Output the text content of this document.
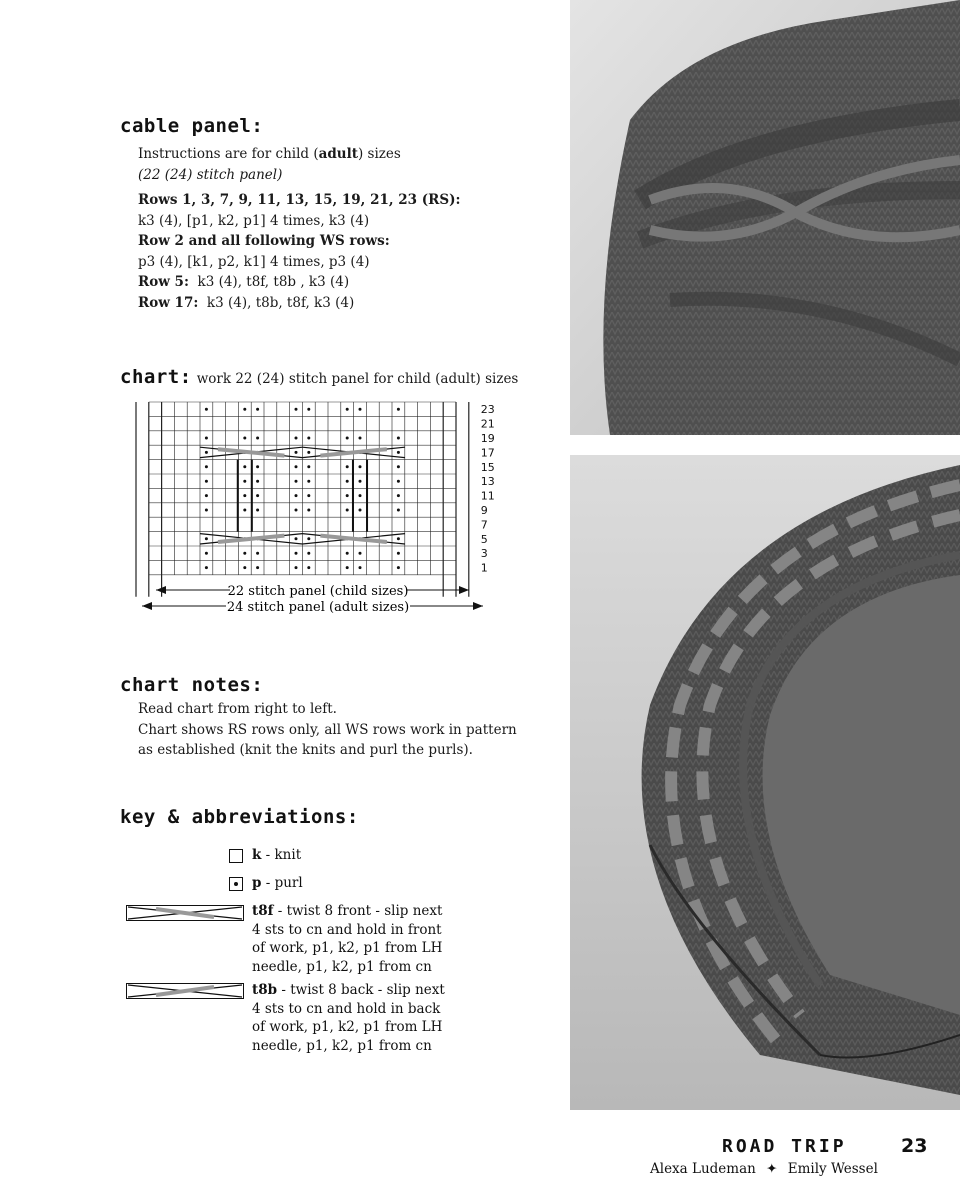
cable panel:
Instructions are for child (adult) sizes
(22 (24) stitch panel)
Rows 1, 3, 7, 9, 11, 13, 15, 19, 21, 23 (RS):
k3 (4), [p1, k2, p1] 4 times, k3 (4)
Row 2 and all following WS rows:
p3 (4), [k1, p2, k1] 4 times, p3 (4)
Row 5: k3 (4), t8f, t8b , k3 (4)
Row 17: k3 (4), t8b, t8f, k3 (4)
chart: work 22 (24) stitch panel for child (adult) sizes
23
21
19
17
15
13
11
9
7
5
3
1
22 stitch panel (child sizes)
24 stitch panel (adult sizes)
chart notes:
Read chart from right to left.
Chart shows RS rows only, all WS rows work in pattern
as established (knit the knits and purl the purls).
key & abbreviations:
k - knit
p - purl
t8f - twist 8 front - slip next
4 sts to cn and hold in front
of work, p1, k2, p1 from LH
needle, p1, k2, p1 from cn
t8b - twist 8 back - slip next
4 sts to cn and hold in back
of work, p1, k2, p1 from LH
needle, p1, k2, p1 from cn
ROAD TRIP	23
Alexa Ludeman ✦ Emily Wessel
